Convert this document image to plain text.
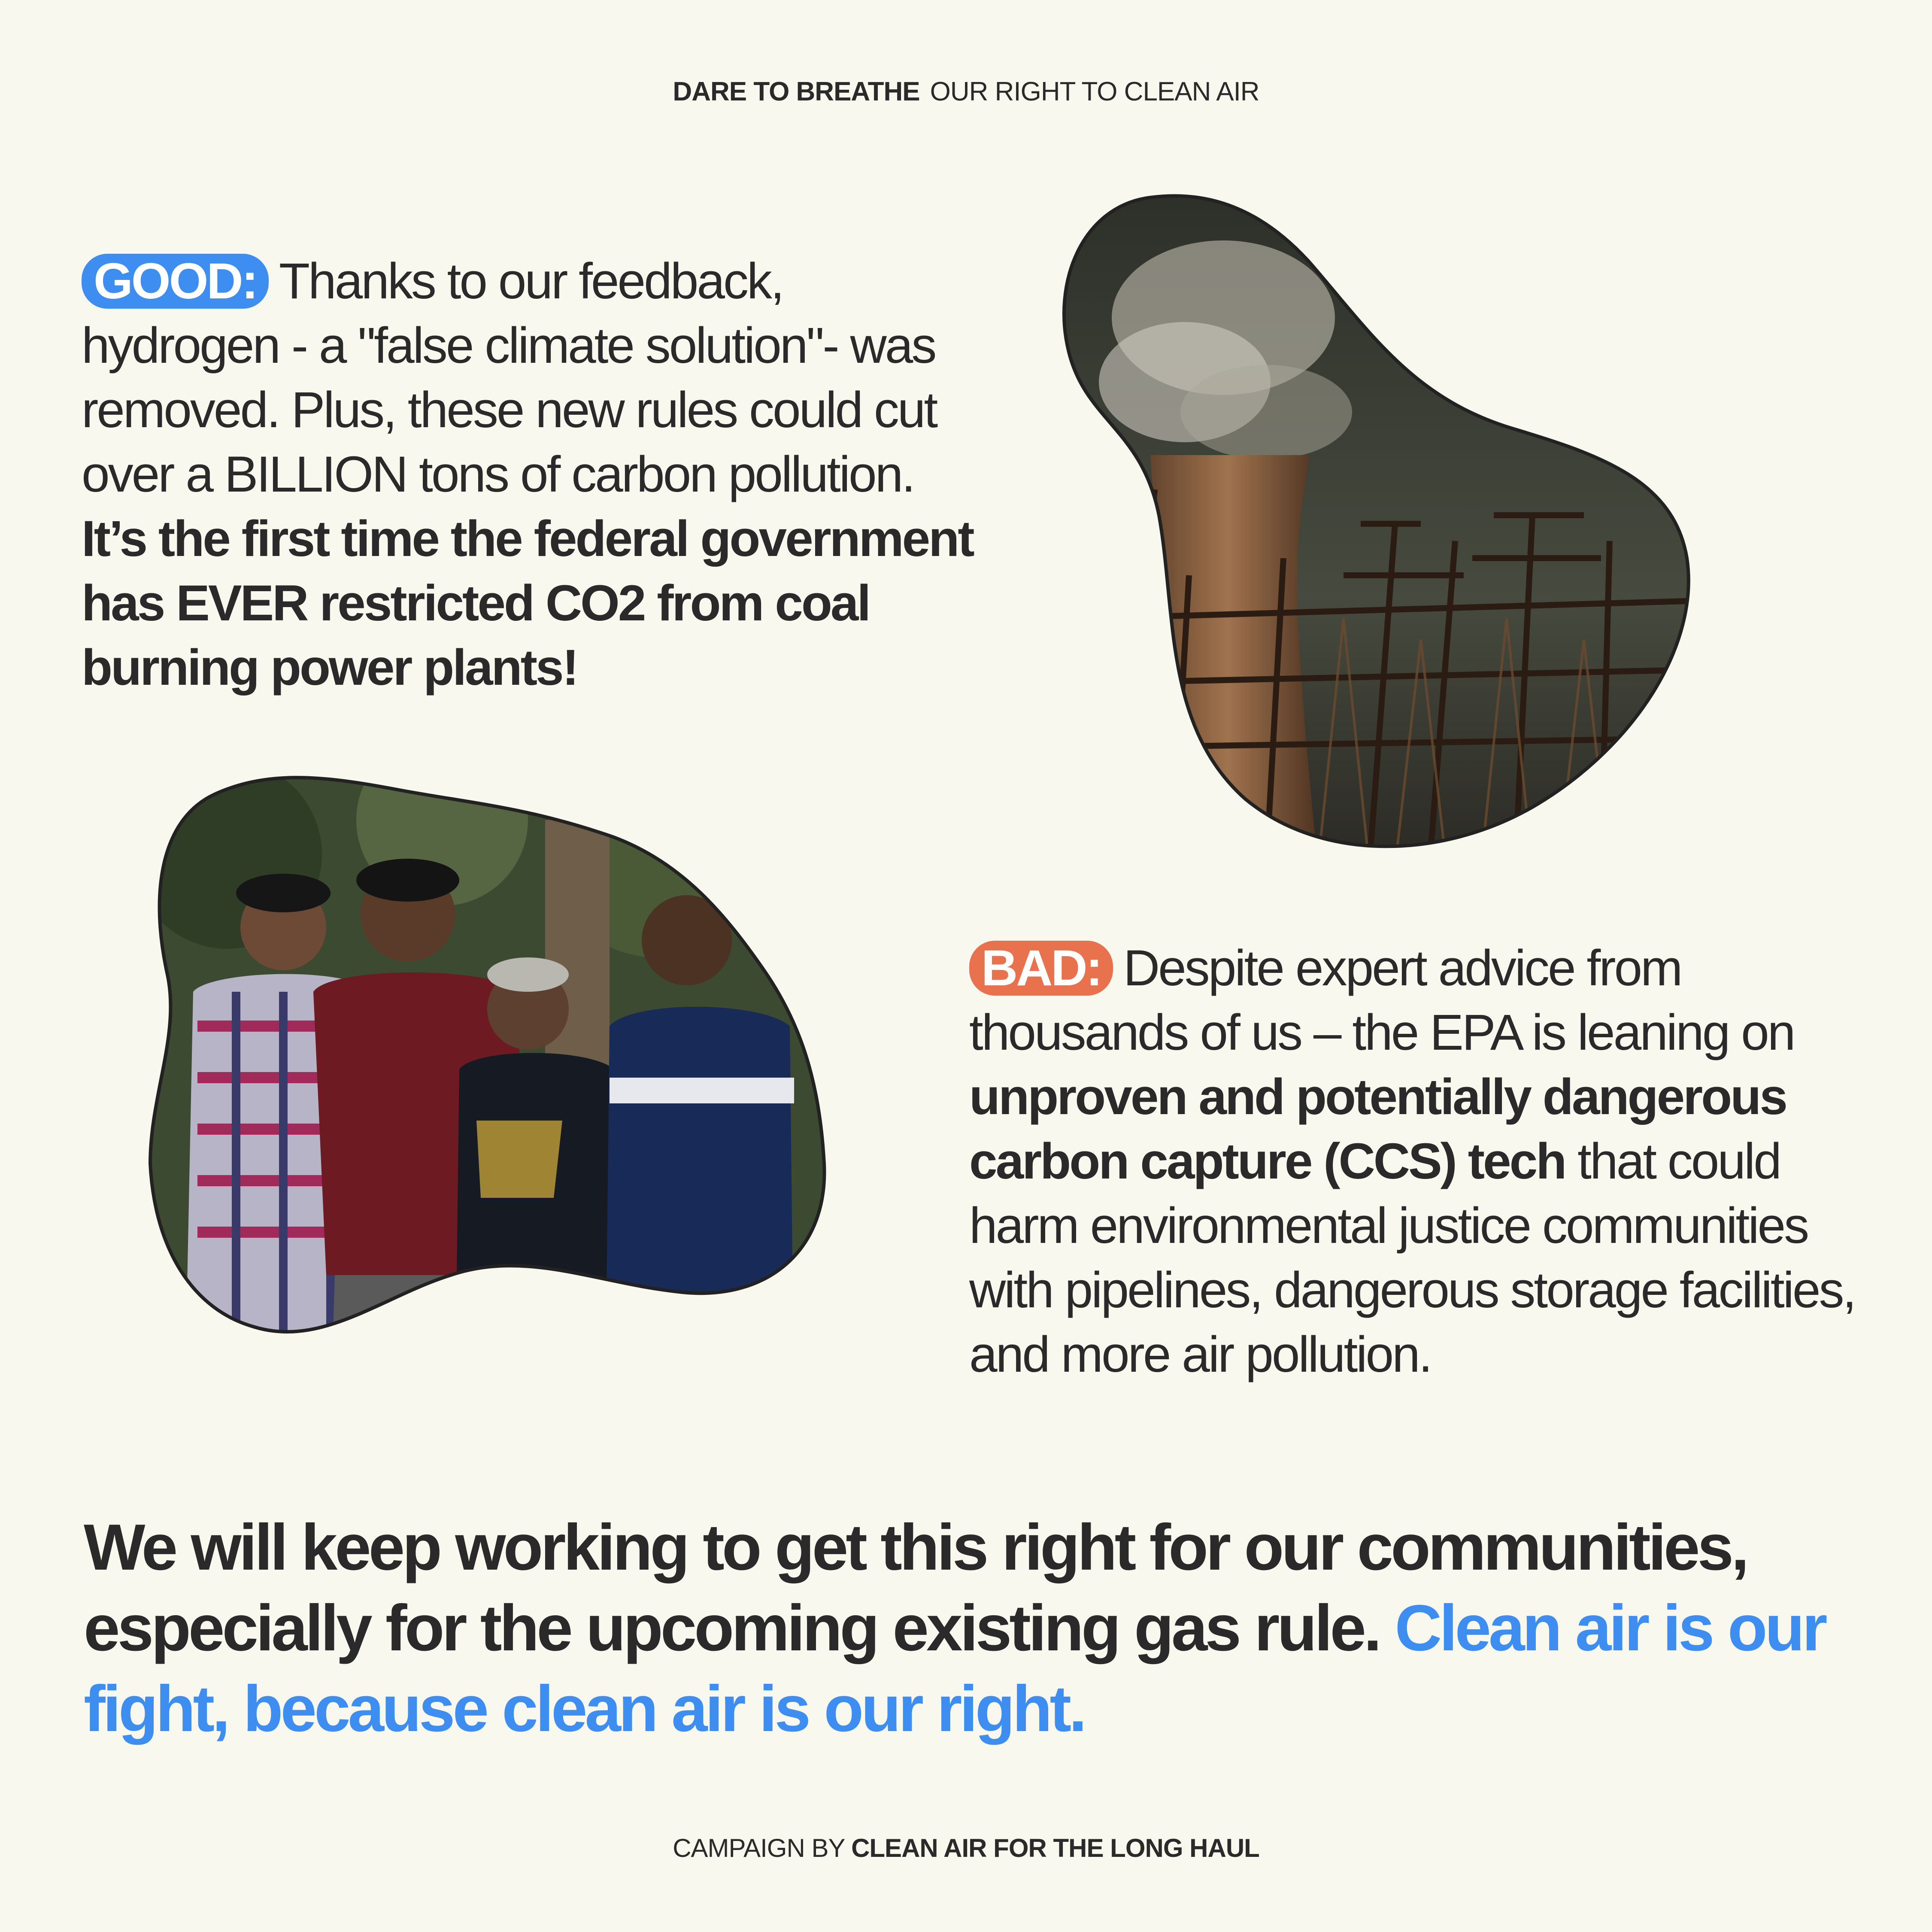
DARE TO BREATHE OUR RIGHT TO CLEAN AIR
GOOD: Thanks to our feedback, hydrogen - a "false climate solution"- was removed. Plus, these new rules could cut over a BILLION tons of carbon pollution. It’s the first time the federal government has EVER restricted CO2 from coal burning power plants!
BAD: Despite expert advice from thousands of us – the EPA is leaning on unproven and potentially dangerous carbon capture (CCS) tech that could harm environmental justice communities with pipelines, dangerous storage facilities, and more air pollution.
We will keep working to get this right for our communities, especially for the upcoming existing gas rule. Clean air is our fight, because clean air is our right.
CAMPAIGN BY CLEAN AIR FOR THE LONG HAUL
